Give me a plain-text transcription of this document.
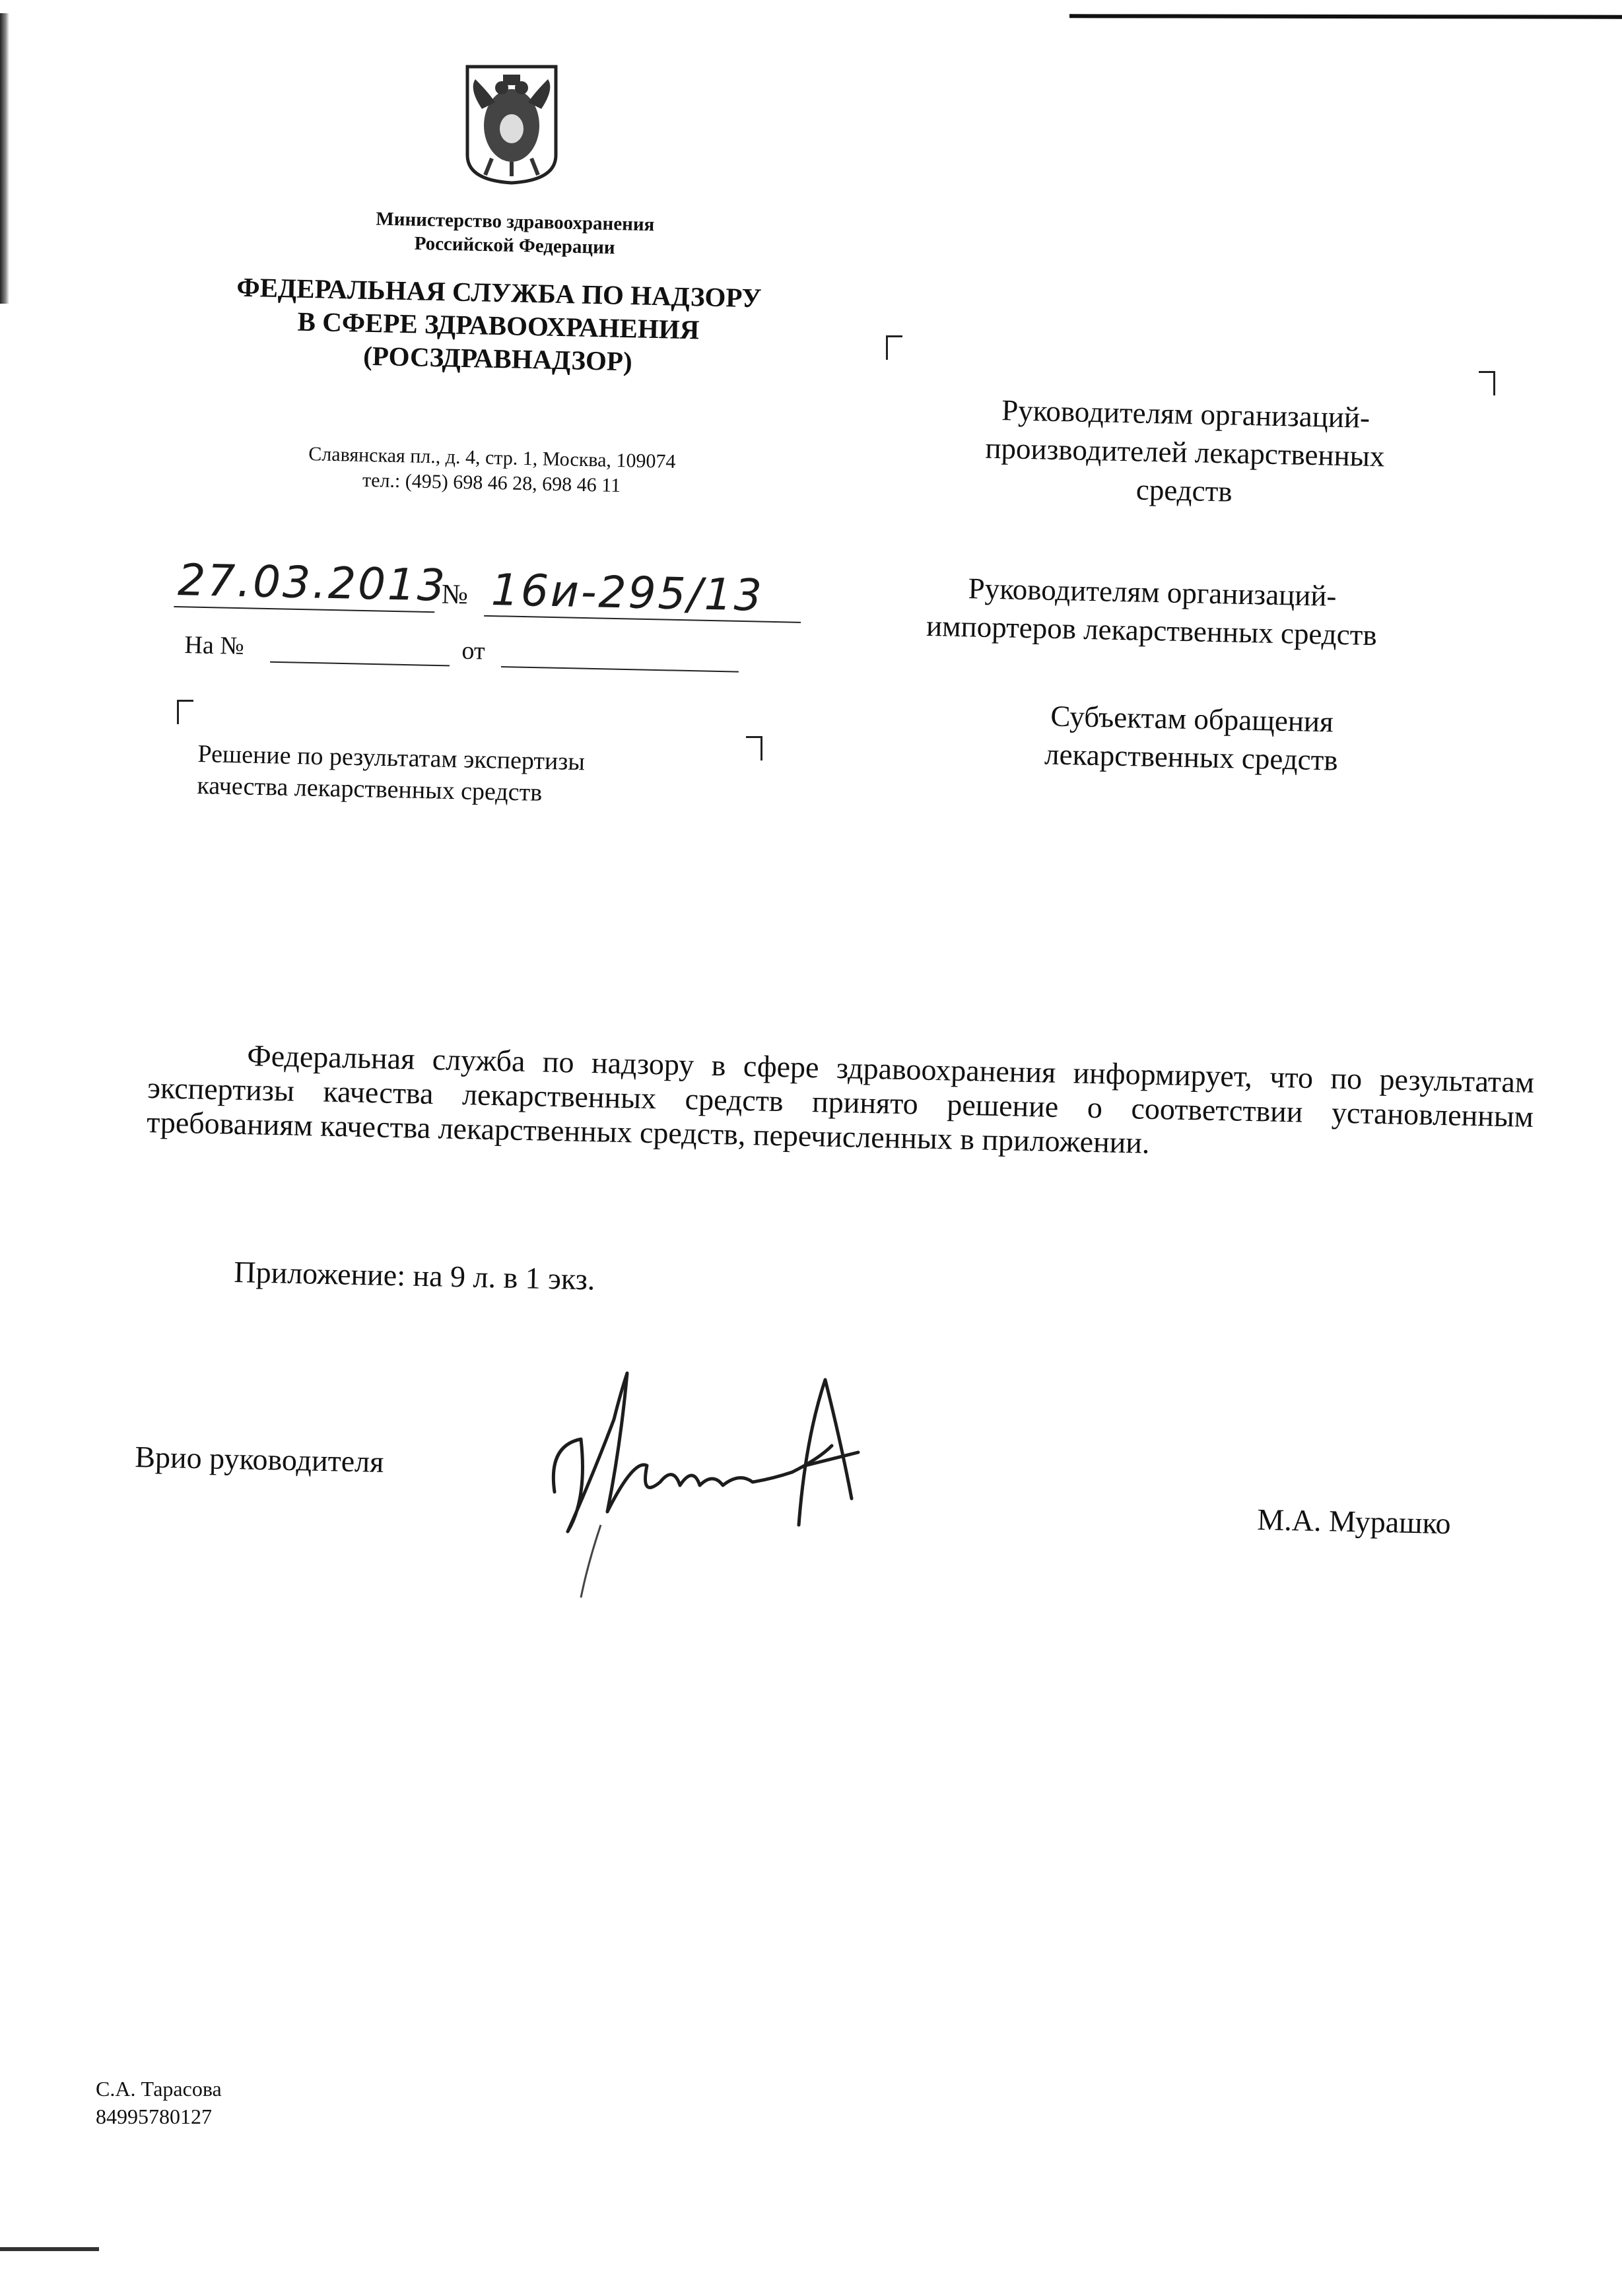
Министерство здравоохранения
Российской Федерации
ФЕДЕРАЛЬНАЯ СЛУЖБА ПО НАДЗОРУ
В СФЕРЕ ЗДРАВООХРАНЕНИЯ
(РОСЗДРАВНАДЗОР)
Славянская пл., д. 4, стр. 1, Москва, 109074
тел.: (495) 698 46 28, 698 46 11
27.03.2013
№ 16и-295/13
На №	от
Решение по результатам экспертизы
качества лекарственных средств
Руководителям организаций-
производителей лекарственных
средств
Руководителям организаций-
импортеров лекарственных средств
Субъектам обращения
лекарственных средств

Федеральная служба по надзору в сфере здравоохранения информирует, что по результатам экспертизы качества лекарственных средств принято решение о соответствии установленным требованиям качества лекарственных средств, перечисленных в приложении.

Приложение: на 9 л. в 1 экз.
Врио руководителя
М.А. Мурашко
С.А. Тарасова
84995780127
